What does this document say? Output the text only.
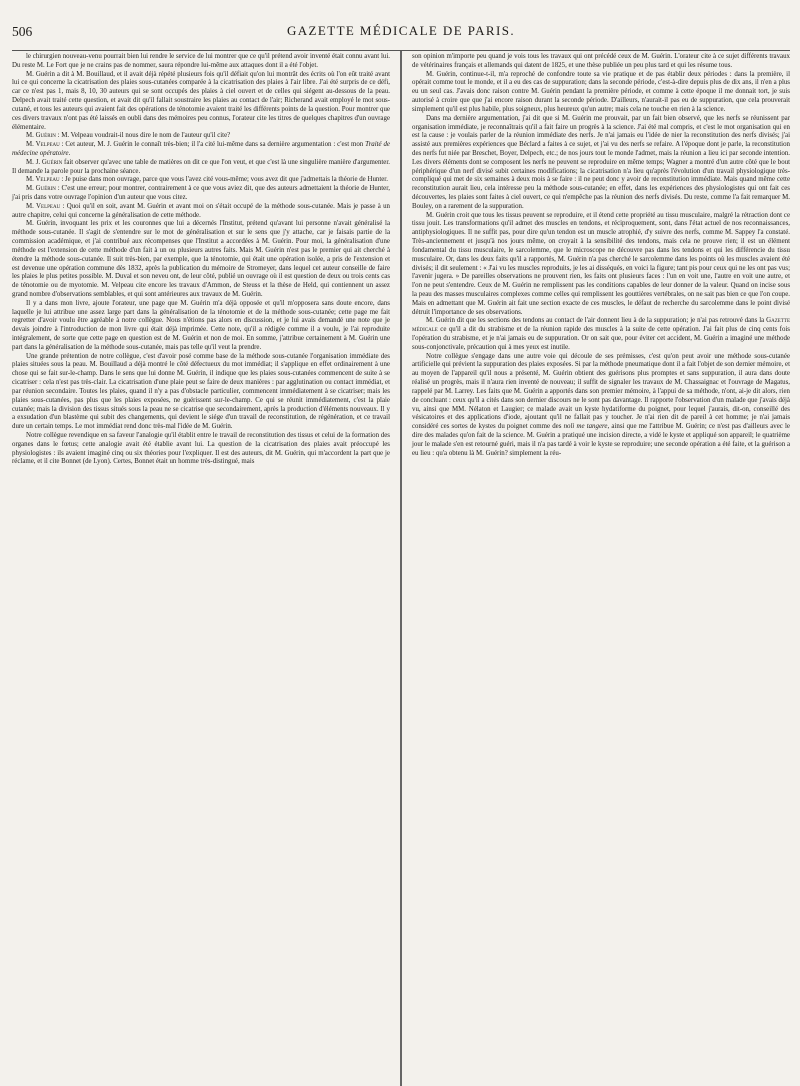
506	GAZETTE MÉDICALE DE PARIS.

le chirurgien nouveau-venu pourrait bien lui rendre le service de lui montrer que ce qu'il prétend avoir inventé était connu avant lui. Du reste M. Le Fort que je ne crains pas de nommer, saura répondre lui-même aux attaques dont il a été l'objet.

M. Guérin a dit à M. Bouillaud, et il avait déjà répété plusieurs fois qu'il défiait qu'on lui montrât des écrits où l'on eût traité avant lui ce qui concerne la cicatrisation des plaies sous-cutanées comparée à la cicatrisation des plaies à l'air libre. J'ai été surpris de ce défi, car ce n'est pas 1, mais 8, 10, 30 auteurs qui se sont occupés des plaies à ciel ouvert et de celles qui siégent au-dessous de la peau. Delpech avait traité cette question, et avait dit qu'il fallait soustraire les plaies au contact de l'air; Richerand avait employé le mot sous-cutané, et tous les auteurs qui avaient fait des opérations de ténotomie avaient traité les différents points de la question. Pour montrer que ces divers travaux n'ont pas été laissés en oubli dans des mémoires peu connus, l'orateur cite les titres de quelques chapitres d'un ouvrage élémentaire.

M. Guérin : M. Velpeau voudrait-il nous dire le nom de l'auteur qu'il cite?

M. Velpeau : Cet auteur, M. J. Guérin le connaît très-bien; il l'a cité lui-même dans sa dernière argumentation : c'est mon Traité de médecine opératoire.

M. J. Guérin fait observer qu'avec une table de matières on dit ce que l'on veut, et que c'est là une singulière manière d'argumenter. Il demande la parole pour la prochaine séance.

M. Velpeau : Je puise dans mon ouvrage, parce que vous l'avez cité vous-même; vous avez dit que j'admettais la théorie de Hunter.

M. Guérin : C'est une erreur; pour montrer, contrairement à ce que vous aviez dit, que des auteurs admettaient la théorie de Hunter, j'ai pris dans votre ouvrage l'opinion d'un auteur que vous citez.

M. Velpeau : Quoi qu'il en soit, avant M. Guérin et avant moi on s'était occupé de la méthode sous-cutanée. Mais je passe à un autre chapitre, celui qui concerne la généralisation de cette méthode.

M. Guérin, invoquant les prix et les couronnes que lui a décernés l'Institut, prétend qu'avant lui personne n'avait généralisé la méthode sous-cutanée. Il s'agit de s'entendre sur le mot de généralisation et sur le sens que j'y attache, car je faisais partie de la commission académique, et j'ai contribué aux récompenses que l'Institut a accordées à M. Guérin. Pour moi, la généralisation d'une méthode est l'extension de cette méthode d'un fait à un ou plusieurs autres faits. Mais M. Guérin n'est pas le premier qui ait cherché à étendre la méthode sous-cutanée. Il suit très-bien, par exemple, que la ténotomie, qui était une opération isolée, a pris de l'extension et est devenue une opération commune dès 1832, après la publication du mémoire de Stromeyer, dans lequel cet auteur conseille de faire les plaies le plus petites possible. M. Duval et son neveu ont, de leur côté, publié un ouvrage où il est question de deux ou trois cents cas de ténotomie ou de myotomie. M. Velpeau cite encore les travaux d'Ammon, de Steuss et la thèse de Held, qui contiennent un assez grand nombre d'observations semblables, et qui sont antérieures aux travaux de M. Guérin.

Il y a dans mon livre, ajoute l'orateur, une page que M. Guérin m'a déjà opposée et qu'il m'opposera sans doute encore, dans laquelle je lui attribue une assez large part dans la généralisation de la ténotomie et de la méthode sous-cutanée; cette page me fait regretter d'avoir voulu être agréable à notre collègue. Nous n'étions pas alors en discussion, et je lui avais demandé une note que je devais joindre à l'introduction de mon livre qui était déjà imprimée. Cette note, qu'il a rédigée comme il a voulu, je l'ai reproduite intégralement, de sorte que cette page en question est de M. Guérin et non de moi. En somme, j'attribue certainement à M. Guérin une part dans la généralisation de la méthode sous-cutanée, mais pas telle qu'il veut la prendre.

Une grande prétention de notre collègue, c'est d'avoir posé comme base de la méthode sous-cutanée l'organisation immédiate des plaies situées sous la peau. M. Bouillaud a déjà montré le côté défectueux du mot immédiat; il s'applique en effet ordinairement à une chose qui se fait sur-le-champ. Dans le sens que lui donne M. Guérin, il indique que les plaies sous-cutanées commencent de suite à se cicatriser : cela n'est pas très-clair. La cicatrisation d'une plaie peut se faire de deux manières : par agglutination ou contact immédiat, et par réunion secondaire. Toutes les plaies, quand il n'y a pas d'obstacle particulier, commencent immédiatement à se cicatriser; mais les plaies sous-cutanées, pas plus que les plaies exposées, ne guérissent sur-le-champ. Ce qui se réunit immédiatement, c'est la plaie cutanée; mais la division des tissus situés sous la peau ne se cicatrise que secondairement, après la production d'éléments nouveaux. Il y a exsudation d'un blastème qui subit des changements, qui devient le siége d'un travail de reconstitution, de régénération, et ce travail dure un certain temps. Le mot immédiat rend donc très-mal l'idée de M. Guérin.

Notre collègue revendique en sa faveur l'analogie qu'il établit entre le travail de reconstitution des tissus et celui de la formation des organes dans le fœtus; cette analogie avait été établie avant lui. La question de la cicatrisation des plaies avait préoccupé les physiologistes : ils avaient imaginé cinq ou six théories pour l'expliquer. Il est des auteurs, dit M. Guérin, qui m'accordent la part que je réclame, et il cite Bonnet (de Lyon). Certes, Bonnet était un homme très-distingué, mais

son opinion m'importe peu quand je vois tous les travaux qui ont précédé ceux de M. Guérin. L'orateur cite à ce sujet différents travaux de vétérinaires français et allemands qui datent de 1825, et une thèse publiée un peu plus tard et qui les résume tous.

M. Guérin, continue-t-il, m'a reproché de confondre toute sa vie pratique et de pas établir deux périodes : dans la première, il opérait comme tout le monde, et il a eu des cas de suppuration; dans la seconde période, c'est-à-dire depuis plus de dix ans, il n'en a plus eu un seul cas. J'avais donc raison contre M. Guérin pendant la première période, et comme à cette époque il me donnait tort, je suis autorisé à croire que que j'ai encore raison durant la seconde période. D'ailleurs, n'aurait-il pas eu de suppuration, que cela prouverait simplement qu'il est plus habile, plus soigneux, plus heureux qu'un autre; mais cela ne touche en rien à la science.

Dans ma dernière argumentation, j'ai dit que si M. Guérin me prouvait, par un fait bien observé, que les nerfs se réunissent par organisation immédiate, je reconnaîtrais qu'il a fait faire un progrès à la science. J'ai été mal compris, et c'est le mot organisation qui en est la cause : je voulais parler de la réunion immédiate des nerfs. Je n'ai jamais eu l'idée de nier la reconstitution des nerfs divisés; j'ai assisté aux premières expériences que Béclard a faites à ce sujet, et j'ai vu des nerfs se refaire. A l'époque dont je parle, la reconstitution des nerfs fut niée par Breschet, Boyer, Delpech, etc.; de nos jours tout le monde l'admet, mais la réunion a lieu ici par seconde intention. Les divers éléments dont se composent les nerfs ne peuvent se reproduire en même temps; Wagner a montré d'un autre côté que le bout périphérique d'un nerf divisé subit certaines modifications; la cicatrisation n'a lieu qu'après l'évolution d'un travail physiologique très-compliqué qui met de six semaines à deux mois à se faire : il ne peut donc y avoir de reconstitution immédiate. Mais quand même cette reconstitution aurait lieu, cela intéresse peu la méthode sous-cutanée; en effet, dans les expériences des physiologistes qui ont fait ces découvertes, les plaies sont faites à ciel ouvert, ce qui n'empêche pas la réunion des nerfs divisés. Du reste, comme l'a fait remarquer M. Bouley, on a rarement de la suppuration.

M. Guérin croit que tous les tissus peuvent se reproduire, et il étend cette propriété au tissu musculaire, malgré la rétraction dont ce tissu jouit. Les transformations qu'il admet des muscles en tendons, et réciproquement, sont, dans l'état actuel de nos reconnaissances, antiphysiologiques. Il ne suffit pas, pour dire qu'un tendon est un muscle atrophié, d'y suivre des nerfs, comme M. Sappey l'a constaté. Très-anciennement et jusqu'à nos jours même, on croyait à la sensibilité des tendons, mais cela ne prouve rien; il est un élément fondamental du tissu musculaire, le sarcolemme, que le microscope ne découvre pas dans les tendons et qui les différencie du tissu musculaire. Or, dans les deux faits qu'il a rapportés, M. Guérin n'a pas cherché le sarcolemme dans les points où les muscles avaient été divisés; il dit seulement : « J'ai vu les muscles reproduits, je les ai disséqués, en voici la figure; tant pis pour ceux qui ne les ont pas vus; l'avenir jugera. » De pareilles observations ne prouvent rien, les faits ont plusieurs faces : l'un en voit une, l'autre en voit une autre, et l'on ne peut s'entendre. Ceux de M. Guérin ne remplissent pas les conditions capables de leur donner de la valeur. Quand on incise sous la peau des masses musculaires complexes comme celles qui remplissent les gouttières vertébrales, on ne sait pas bien ce que l'on coupe. Mais en admettant que M. Guérin ait fait une section exacte de ces muscles, le défaut de recherche du sarcolemme dans le point divisé détruit l'importance de ses observations.

M. Guérin dit que les sections des tendons au contact de l'air donnent lieu à de la suppuration; je n'ai pas retrouvé dans la Gazette médicale ce qu'il a dit du strabisme et de la réunion rapide des muscles à la suite de cette opération. J'ai fait plus de cinq cents fois l'opération du strabisme, et je n'ai jamais eu de suppuration. Or on sait que, pour éviter cet accident, M. Guérin a imaginé une méthode sous-conjonctivale, précaution qui à mes yeux est inutile.

Notre collègue s'engage dans une autre voie qui découle de ses prémisses, c'est qu'on peut avoir une méthode sous-cutanée artificielle qui prévient la suppuration des plaies exposées. Si par la méthode pneumatique dont il a fait l'objet de son dernier mémoire, et au moyen de l'appareil qu'il nous a présenté, M. Guérin obtient des guérisons plus promptes et sans suppuration, il aura dans doute réalisé un progrès, mais il n'aura rien inventé de nouveau; il suffit de signaler les travaux de M. Chassaignac et l'ouvrage de Magatus, rappelé par M. Larrey. Les faits que M. Guérin a apportés dans son premier mémoire, à l'appui de sa méthode, n'ont, ai-je dit alors, rien de concluant : ceux qu'il a cités dans son dernier discours ne le sont pas davantage. Il rapporte l'observation d'un malade que j'avais déjà vu, ainsi que MM. Nélaton et Laugier; ce malade avait un kyste hydatiforme du poignet, pour lequel j'aurais, dit-on, conseillé des vésicatoires et des applications d'iode, ajoutant qu'il ne fallait pas y toucher. Je n'ai rien dit de pareil à cet homme; je n'ai jamais considéré ces sortes de kystes du poignet comme des noli me tangere, ainsi que me l'attribue M. Guérin; ce n'est pas d'ailleurs avec le dire des malades qu'on fait de la science. M. Guérin a pratiqué une incision directe, a vidé le kyste et appliqué son appareil; le quatrième jour le malade s'en est retourné guéri, mais il n'a pas tardé à voir le kyste se reproduire; une seconde opération a été faite, et la guérison a eu lieu : qu'a obtenu là M. Guérin? simplement la réu-
